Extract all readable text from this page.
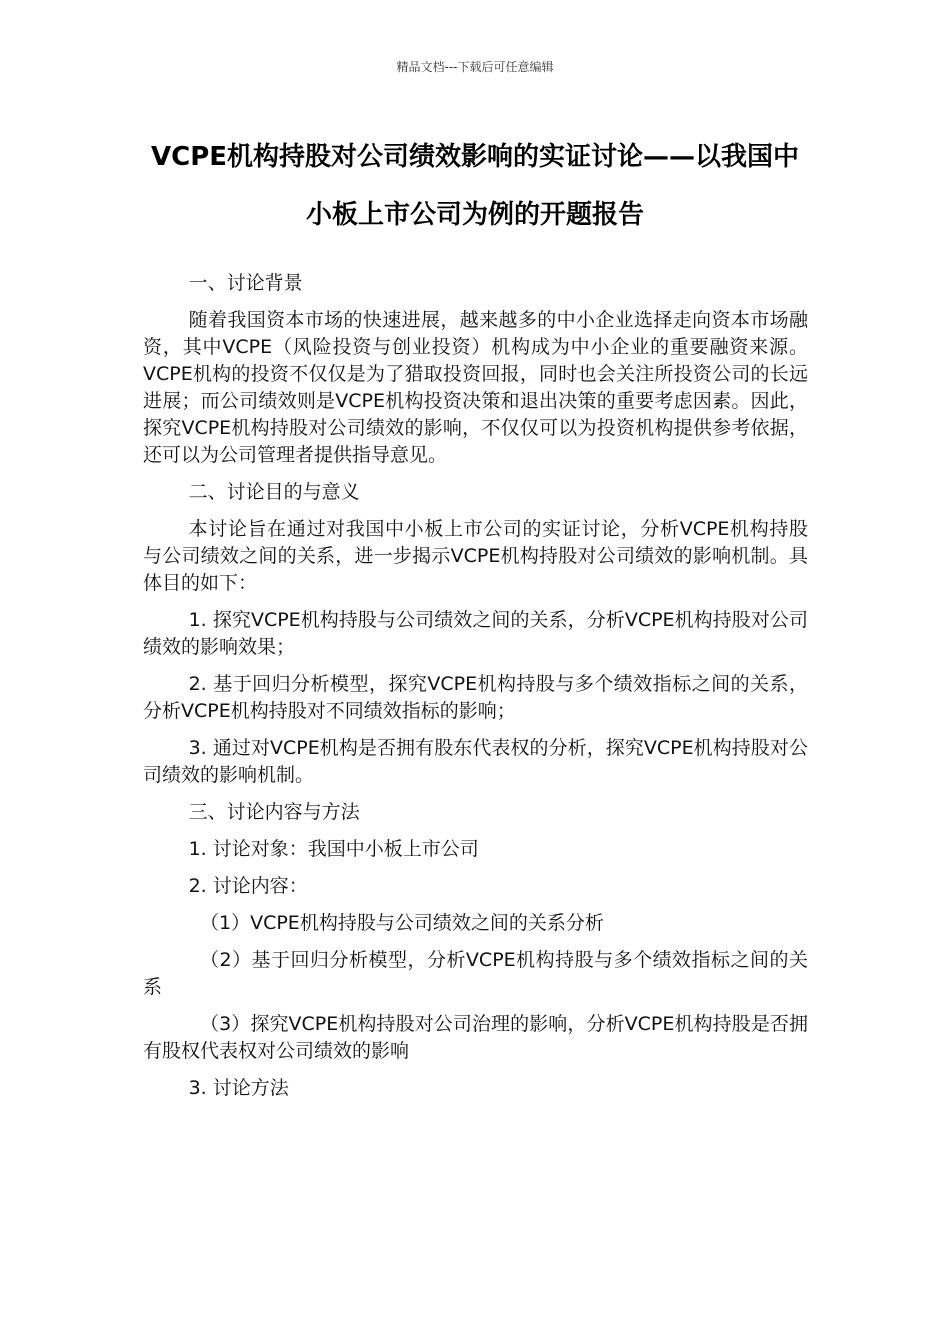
精品文档---下载后可任意编辑
VCPE机构持股对公司绩效影响的实证讨论——以我国中小板上市公司为例的开题报告

一、讨论背景

随着我国资本市场的快速进展，越来越多的中小企业选择走向资本市场融资，其中VCPE（风险投资与创业投资）机构成为中小企业的重要融资来源。VCPE机构的投资不仅仅是为了猎取投资回报，同时也会关注所投资公司的长远进展；而公司绩效则是VCPE机构投资决策和退出决策的重要考虑因素。因此，探究VCPE机构持股对公司绩效的影响，不仅仅可以为投资机构提供参考依据，还可以为公司管理者提供指导意见。

二、讨论目的与意义

本讨论旨在通过对我国中小板上市公司的实证讨论，分析VCPE机构持股与公司绩效之间的关系，进一步揭示VCPE机构持股对公司绩效的影响机制。具体目的如下：

1. 探究VCPE机构持股与公司绩效之间的关系，分析VCPE机构持股对公司绩效的影响效果；

2. 基于回归分析模型，探究VCPE机构持股与多个绩效指标之间的关系，分析VCPE机构持股对不同绩效指标的影响；

3. 通过对VCPE机构是否拥有股东代表权的分析，探究VCPE机构持股对公司绩效的影响机制。

三、讨论内容与方法

1. 讨论对象：我国中小板上市公司

2. 讨论内容：

（1）VCPE机构持股与公司绩效之间的关系分析

（2）基于回归分析模型，分析VCPE机构持股与多个绩效指标之间的关系

（3）探究VCPE机构持股对公司治理的影响，分析VCPE机构持股是否拥有股权代表权对公司绩效的影响

3. 讨论方法
